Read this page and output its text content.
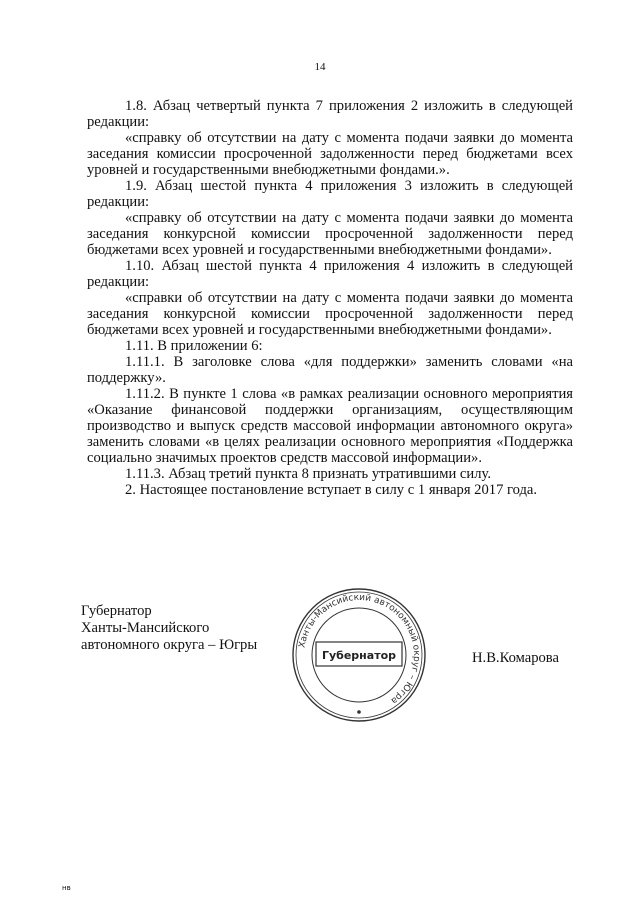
14

1.8. Абзац четвертый пункта 7 приложения 2 изложить в следующей редакции:

«справку об отсутствии на дату с момента подачи заявки до момента заседания комиссии просроченной задолженности перед бюджетами всех уровней и государственными внебюджетными фондами.».

1.9. Абзац шестой пункта 4 приложения 3 изложить в следующей редакции:

«справку об отсутствии на дату с момента подачи заявки до момента заседания конкурсной комиссии просроченной задолженности перед бюджетами всех уровней и государственными внебюджетными фондами».

1.10. Абзац шестой пункта 4 приложения 4 изложить в следующей редакции:

«справки об отсутствии на дату с момента подачи заявки до момента заседания конкурсной комиссии просроченной задолженности перед бюджетами всех уровней и государственными внебюджетными фондами».

1.11. В приложении 6:

1.11.1. В заголовке слова «для поддержки» заменить словами «на поддержку».

1.11.2. В пункте 1 слова «в рамках реализации основного мероприятия «Оказание финансовой поддержки организациям, осуществляющим производство и выпуск средств массовой информации автономного округа» заменить словами «в целях реализации основного мероприятия «Поддержка социально значимых проектов средств массовой информации».

1.11.3. Абзац третий пункта 8 признать утратившими силу.

2. Настоящее постановление вступает в силу с 1 января 2017 года.

Губернатор
Ханты-Мансийского
автономного округа – Югры	Ханты-Мансийский автономный округ – Югра
Губернатор	Н.В.Комарова
нв
